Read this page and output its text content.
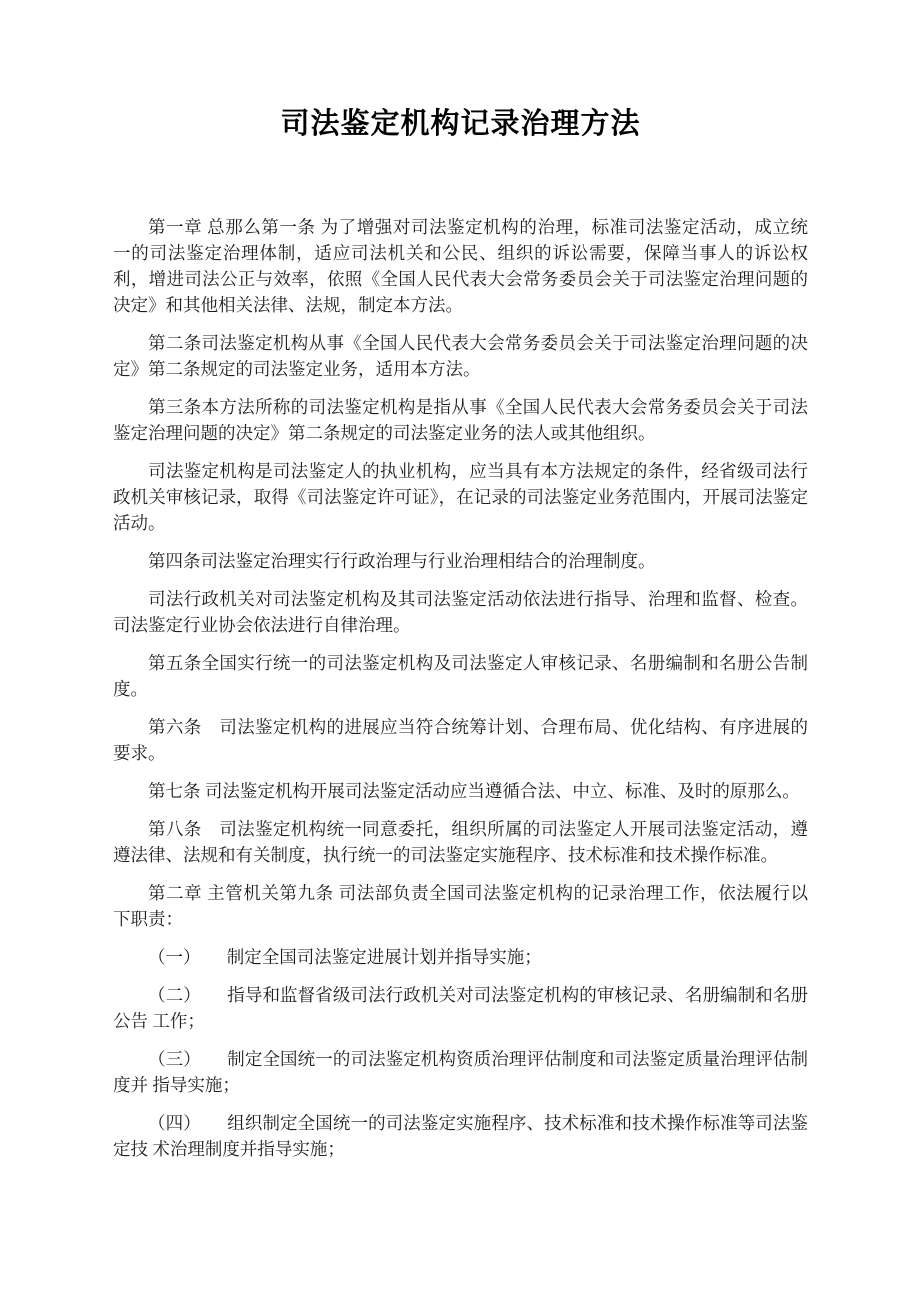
司法鉴定机构记录治理方法

第一章 总那么第一条 为了增强对司法鉴定机构的治理，标准司法鉴定活动，成立统 一的司法鉴定治理体制，适应司法机关和公民、组织的诉讼需要，保障当事人的诉讼权利，增进司法公正与效率，依照《全国人民代表大会常务委员会关于司法鉴定治理问题的决定》和其他相关法律、法规，制定本方法。

第二条司法鉴定机构从事《全国人民代表大会常务委员会关于司法鉴定治理问题的决定》第二条规定的司法鉴定业务，适用本方法。

第三条本方法所称的司法鉴定机构是指从事《全国人民代表大会常务委员会关于司法鉴定治理问题的决定》第二条规定的司法鉴定业务的法人或其他组织。

司法鉴定机构是司法鉴定人的执业机构，应当具有本方法规定的条件，经省级司法行政机关审核记录，取得《司法鉴定许可证》，在记录的司法鉴定业务范围内，开展司法鉴定活动。

第四条司法鉴定治理实行行政治理与行业治理相结合的治理制度。

司法行政机关对司法鉴定机构及其司法鉴定活动依法进行指导、治理和监督、检查。司法鉴定行业协会依法进行自律治理。

第五条全国实行统一的司法鉴定机构及司法鉴定人审核记录、名册编制和名册公告制度。

第六条　司法鉴定机构的进展应当符合统筹计划、合理布局、优化结构、有序进展的要求。

第七条 司法鉴定机构开展司法鉴定活动应当遵循合法、中立、标准、及时的原那么。

第八条　司法鉴定机构统一同意委托，组织所属的司法鉴定人开展司法鉴定活动，遵遵法律、法规和有关制度，执行统一的司法鉴定实施程序、技术标准和技术操作标准。

第二章 主管机关第九条 司法部负责全国司法鉴定机构的记录治理工作，依法履行以 下职责：

（一）　　制定全国司法鉴定进展计划并指导实施；

（二）　　指导和监督省级司法行政机关对司法鉴定机构的审核记录、名册编制和名册公告 工作；

（三）　　制定全国统一的司法鉴定机构资质治理评估制度和司法鉴定质量治理评估制度并 指导实施；

（四）　　组织制定全国统一的司法鉴定实施程序、技术标准和技术操作标准等司法鉴定技 术治理制度并指导实施；
